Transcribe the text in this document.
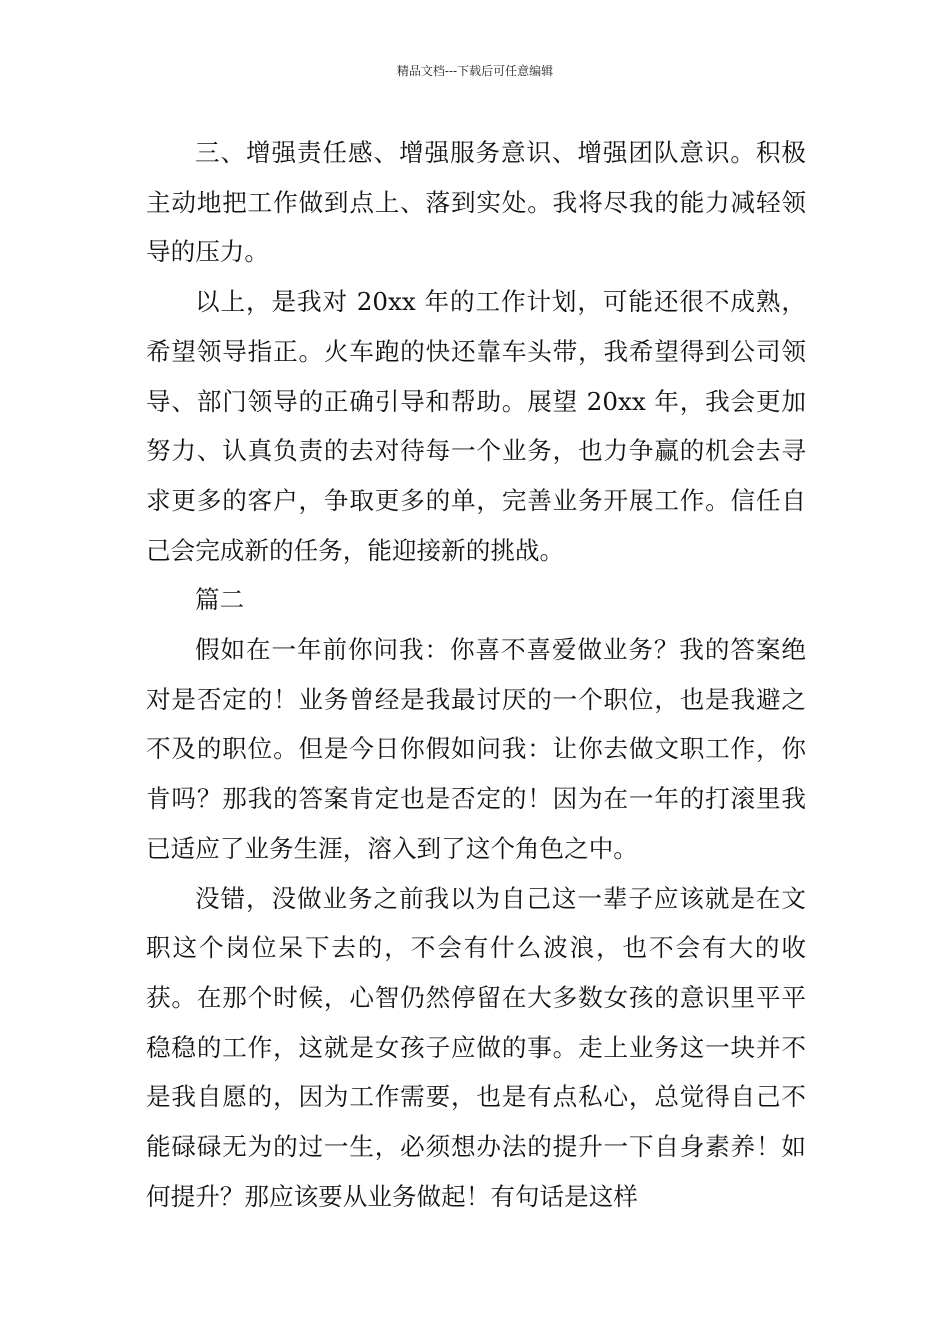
精品文档---下载后可任意编辑

三、增强责任感、增强服务意识、增强团队意识。积极主动地把工作做到点上、落到实处。我将尽我的能力减轻领导的压力。

以上，是我对 20xx 年的工作计划，可能还很不成熟，希望领导指正。火车跑的快还靠车头带，我希望得到公司领导、部门领导的正确引导和帮助。展望 20xx 年，我会更加努力、认真负责的去对待每一个业务，也力争赢的机会去寻求更多的客户，争取更多的单，完善业务开展工作。信任自己会完成新的任务，能迎接新的挑战。

篇二

假如在一年前你问我：你喜不喜爱做业务？我的答案绝对是否定的！业务曾经是我最讨厌的一个职位，也是我避之不及的职位。但是今日你假如问我：让你去做文职工作，你肯吗？那我的答案肯定也是否定的！因为在一年的打滚里我已适应了业务生涯，溶入到了这个角色之中。

没错，没做业务之前我以为自己这一辈子应该就是在文职这个岗位呆下去的，不会有什么波浪，也不会有大的收获。在那个时候，心智仍然停留在大多数女孩的意识里平平稳稳的工作，这就是女孩子应做的事。走上业务这一块并不是我自愿的，因为工作需要，也是有点私心，总觉得自己不能碌碌无为的过一生，必须想办法的提升一下自身素养！如何提升？那应该要从业务做起！有句话是这样
